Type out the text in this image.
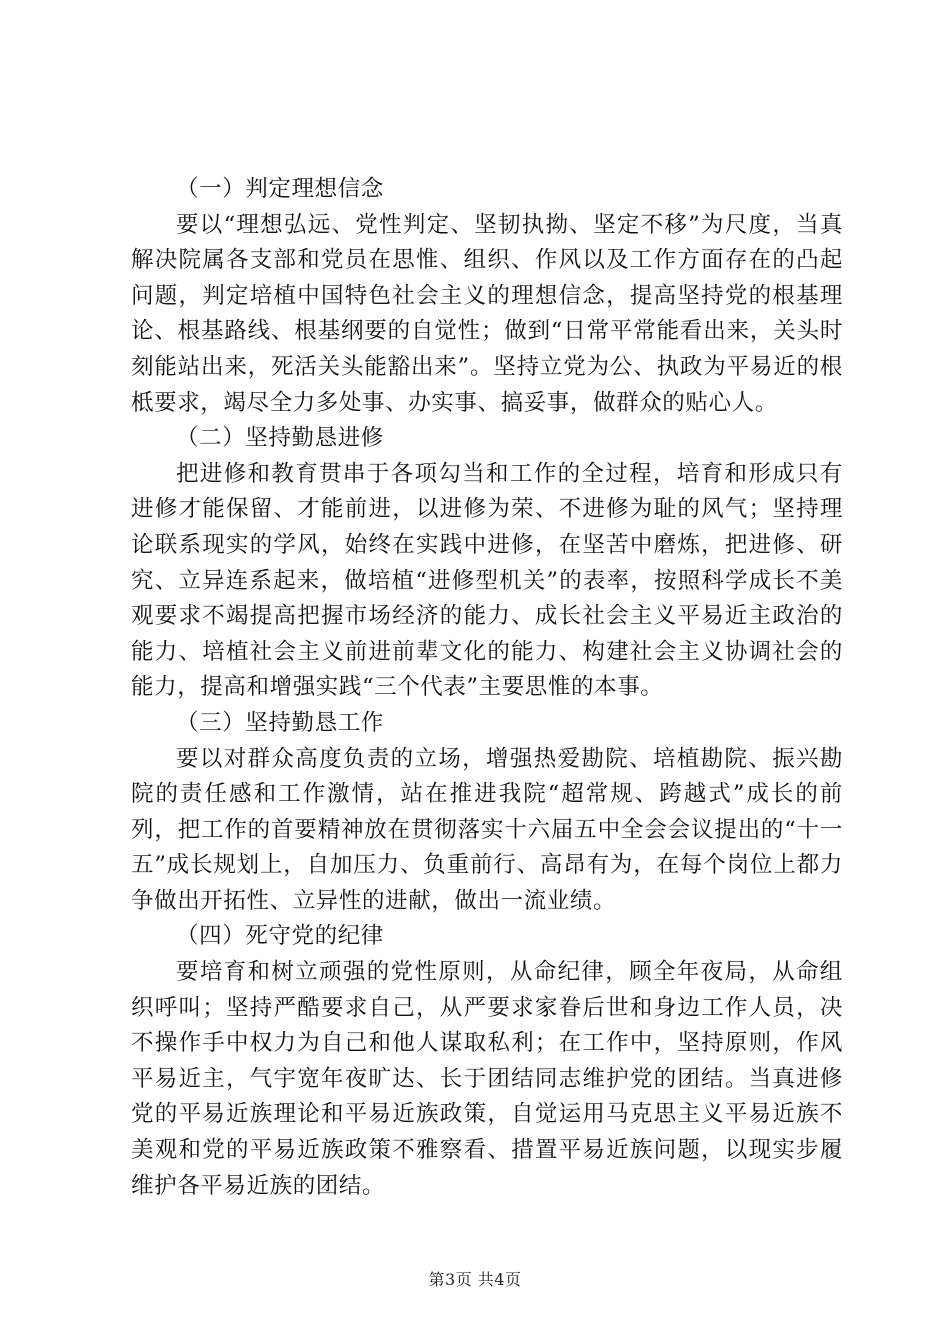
（一）判定理想信念

要以“理想弘远、党性判定、坚韧执拗、坚定不移”为尺度，当真解决院属各支部和党员在思惟、组织、作风以及工作方面存在的凸起问题，判定培植中国特色社会主义的理想信念，提高坚持党的根基理论、根基路线、根基纲要的自觉性；做到“日常平常能看出来，关头时刻能站出来，死活关头能豁出来”。坚持立党为公、执政为平易近的根柢要求，竭尽全力多处事、办实事、搞妥事，做群众的贴心人。

（二）坚持勤恳进修

把进修和教育贯串于各项勾当和工作的全过程，培育和形成只有进修才能保留、才能前进，以进修为荣、不进修为耻的风气；坚持理论联系现实的学风，始终在实践中进修，在坚苦中磨炼，把进修、研究、立异连系起来，做培植“进修型机关”的表率，按照科学成长不美观要求不竭提高把握市场经济的能力、成长社会主义平易近主政治的能力、培植社会主义前进前辈文化的能力、构建社会主义协调社会的能力，提高和增强实践“三个代表”主要思惟的本事。

（三）坚持勤恳工作

要以对群众高度负责的立场，增强热爱勘院、培植勘院、振兴勘院的责任感和工作激情，站在推进我院“超常规、跨越式”成长的前列，把工作的首要精神放在贯彻落实十六届五中全会会议提出的“十一五”成长规划上，自加压力、负重前行、高昂有为，在每个岗位上都力争做出开拓性、立异性的进献，做出一流业绩。

（四）死守党的纪律

要培育和树立顽强的党性原则，从命纪律，顾全年夜局，从命组织呼叫；坚持严酷要求自己，从严要求家眷后世和身边工作人员，决不操作手中权力为自己和他人谋取私利；在工作中，坚持原则，作风平易近主，气宇宽年夜旷达、长于团结同志维护党的团结。当真进修党的平易近族理论和平易近族政策，自觉运用马克思主义平易近族不美观和党的平易近族政策不雅察看、措置平易近族问题，以现实步履维护各平易近族的团结。

第3页 共4页
